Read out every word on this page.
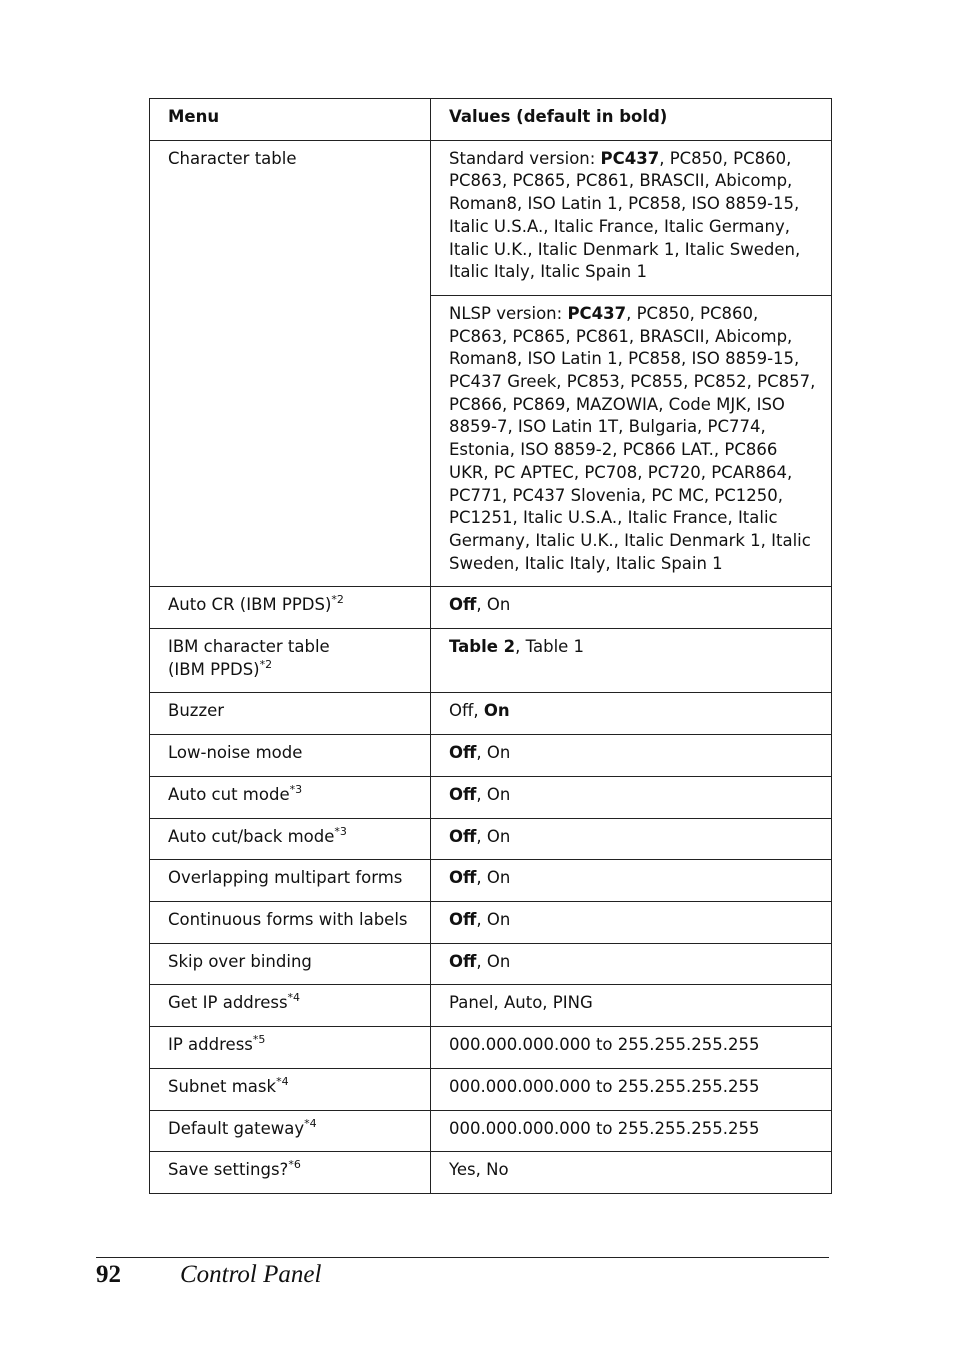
Menu	Values (default in bold)
Character table	Standard version: PC437, PC850, PC860, PC863, PC865, PC861, BRASCII, Abicomp, Roman8, ISO Latin 1, PC858, ISO 8859-15, Italic U.S.A., Italic France, Italic Germany, Italic U.K., Italic Denmark 1, Italic Sweden, Italic Italy, Italic Spain 1
	NLSP version: PC437, PC850, PC860, PC863, PC865, PC861, BRASCII, Abicomp, Roman8, ISO Latin 1, PC858, ISO 8859-15, PC437 Greek, PC853, PC855, PC852, PC857, PC866, PC869, MAZOWIA, Code MJK, ISO 8859-7, ISO Latin 1T, Bulgaria, PC774, Estonia, ISO 8859-2, PC866 LAT., PC866 UKR, PC APTEC, PC708, PC720, PCAR864, PC771, PC437 Slovenia, PC MC, PC1250, PC1251, Italic U.S.A., Italic France, Italic Germany, Italic U.K., Italic Denmark 1, Italic Sweden, Italic Italy, Italic Spain 1
Auto CR (IBM PPDS)$^{*2}$	Off, On
IBM character table
(IBM PPDS)$^{*2}$	Table 2, Table 1
Buzzer	Off, On
Low-noise mode	Off, On
Auto cut mode$^{*3}$	Off, On
Auto cut/back mode$^{*3}$	Off, On
Overlapping multipart forms	Off, On
Continuous forms with labels	Off, On
Skip over binding	Off, On
Get IP address$^{*4}$	Panel, Auto, PING
IP address$^{*5}$	000.000.000.000 to 255.255.255.255
Subnet mask$^{*4}$	000.000.000.000 to 255.255.255.255
Default gateway$^{*4}$	000.000.000.000 to 255.255.255.255
Save settings?$^{*6}$	Yes, No
92 Control Panel
